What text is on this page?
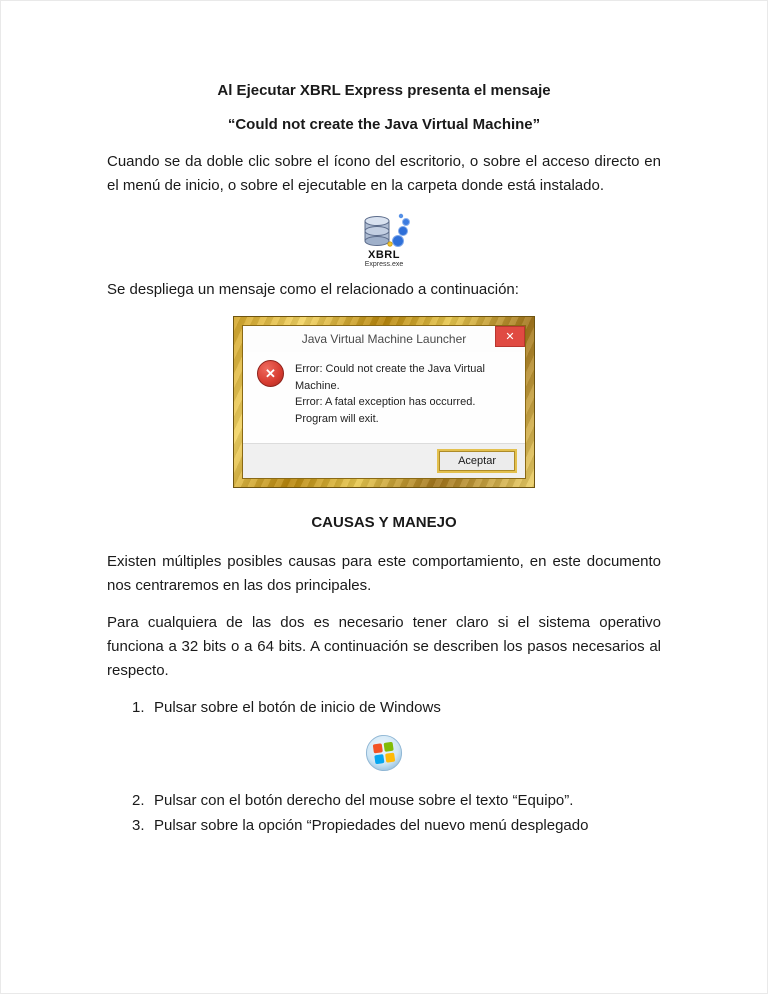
Al Ejecutar XBRL Express presenta el mensaje
“Could not create the Java Virtual Machine”

Cuando se da doble clic sobre el ícono del escritorio, o sobre el acceso directo en el menú de inicio, o sobre el ejecutable en la carpeta donde está instalado.

XBRL
Express.exe

Se despliega un mensaje como el relacionado a continuación:

Java Virtual Machine Launcher	✕
✕	Error: Could not create the Java Virtual Machine.
Error: A fatal exception has occurred. Program will exit.
Aceptar
CAUSAS Y MANEJO

Existen múltiples posibles causas para este comportamiento, en este documento nos centraremos en las dos principales.

Para cualquiera de las dos es necesario tener claro si el sistema operativo funciona a 32 bits o a 64 bits. A continuación se describen los pasos necesarios al respecto.

1. Pulsar sobre el botón de inicio de Windows
2. Pulsar con el botón derecho del mouse sobre el texto “Equipo”.
3. Pulsar sobre la opción “Propiedades del nuevo menú desplegado
